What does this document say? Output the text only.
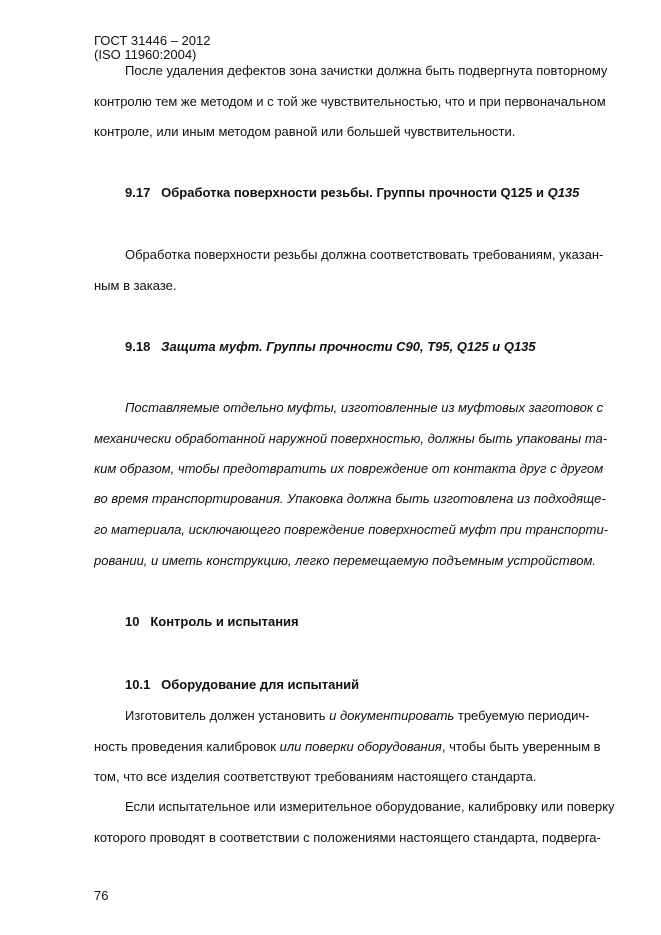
ГОСТ 31446 – 2012
(ISO 11960:2004)
После удаления дефектов зона зачистки должна быть подвергнута повторному
контролю тем же методом и с той же чувствительностью, что и при первоначальном
контроле, или иным методом равной или большей чувствительности.
9.17 Обработка поверхности резьбы. Группы прочности Q125 и Q135
Обработка поверхности резьбы должна соответствовать требованиям, указан-
ным в заказе.
9.18 Защита муфт. Группы прочности C90, T95, Q125 и Q135
Поставляемые отдельно муфты, изготовленные из муфтовых заготовок с
механически обработанной наружной поверхностью, должны быть упакованы та-
ким образом, чтобы предотвратить их повреждение от контакта друг с другом
во время транспортирования. Упаковка должна быть изготовлена из подходяще-
го материала, исключающего повреждение поверхностей муфт при транспорти-
ровании, и иметь конструкцию, легко перемещаемую подъемным устройством.
10 Контроль и испытания
10.1 Оборудование для испытаний
Изготовитель должен установить и документировать требуемую периодич-
ность проведения калибровок или поверки оборудования, чтобы быть уверенным в
том, что все изделия соответствуют требованиям настоящего стандарта.
Если испытательное или измерительное оборудование, калибровку или поверку
которого проводят в соответствии с положениями настоящего стандарта, подверга-
76
